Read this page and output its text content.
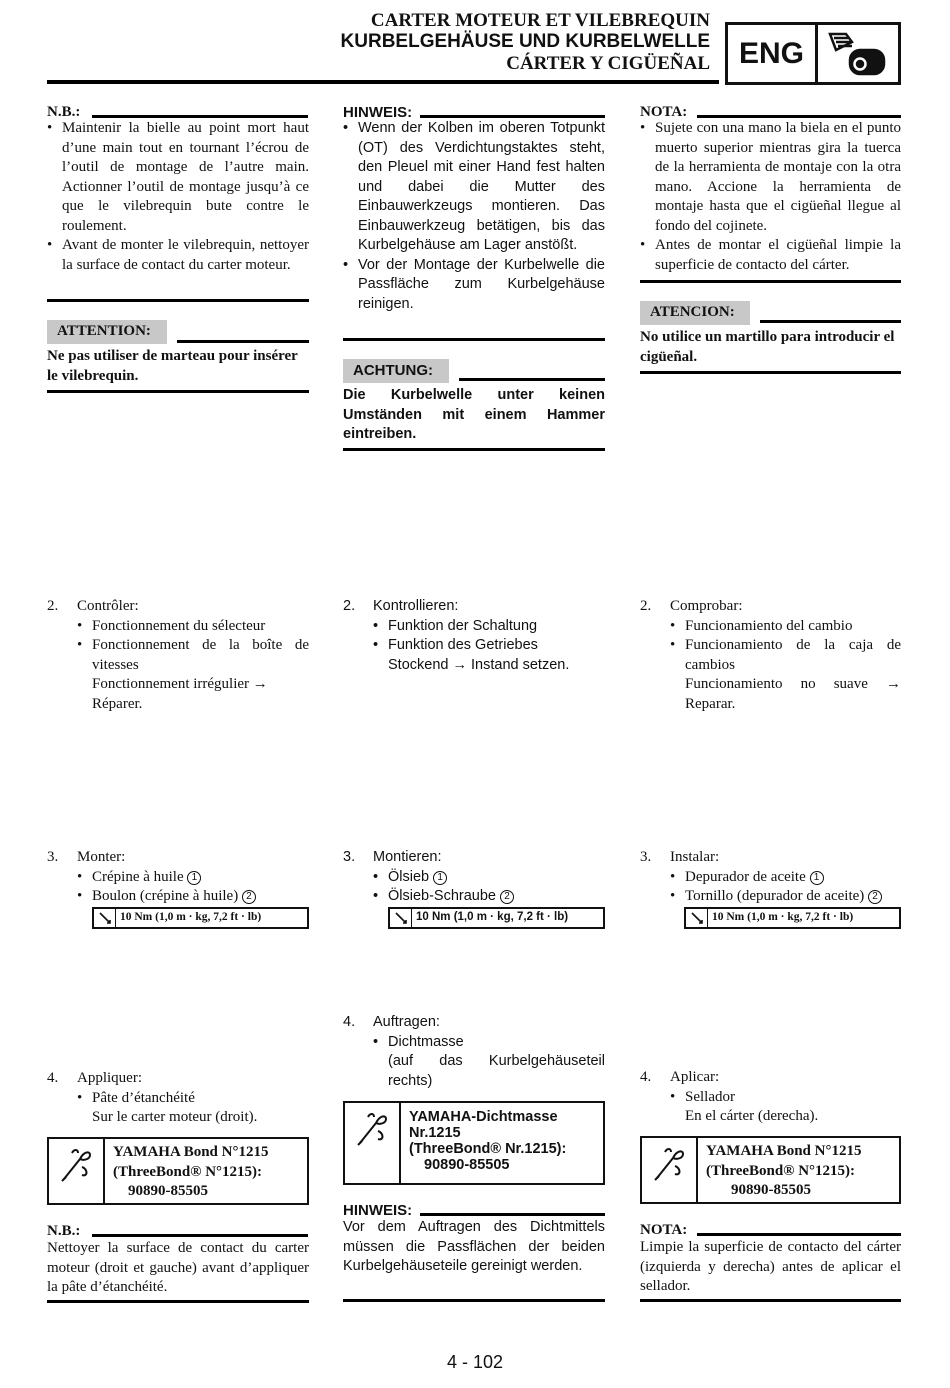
CARTER MOTEUR ET VILEBREQUIN
KURBELGEHÄUSE UND KURBELWELLE
CÁRTER Y CIGÜEÑAL ENG
N.B.:
• Maintenir la bielle au point mort haut d’une main tout en tournant l’écrou de l’outil de montage de l’autre main. Actionner l’outil de montage jusqu’à ce que le vilebrequin bute contre le roulement.
• Avant de monter le vilebrequin, nettoyer la surface de contact du carter moteur.
ATTENTION:
Ne pas utiliser de marteau pour insérer le vilebrequin.
2. Contrôler:
• Fonctionnement du sélecteur
• Fonctionnement de la boîte de vitesses
Fonctionnement irrégulier → Réparer.
3. Monter:
• Crépine à huile 1
• Boulon (crépine à huile) 2
10 Nm (1,0 m · kg, 7,2 ft · lb)
4. Appliquer:
• Pâte d’étanchéité
Sur le carter moteur (droit).
YAMAHA Bond N°1215
(ThreeBond® N°1215):
90890-85505
N.B.:
Nettoyer la surface de contact du carter moteur (droit et gauche) avant d’appliquer la pâte d’étanchéité.
HINWEIS:
• Wenn der Kolben im oberen Totpunkt (OT) des Verdichtungstaktes steht, den Pleuel mit einer Hand fest halten und dabei die Mutter des Einbauwerkzeugs montieren. Das Einbauwerkzeug betätigen, bis das Kurbelgehäuse am Lager anstößt.
• Vor der Montage der Kurbelwelle die Passfläche zum Kurbelgehäuse reinigen.
ACHTUNG:
Die Kurbelwelle unter keinen Umständen mit einem Hammer eintreiben.
2. Kontrollieren:
• Funktion der Schaltung
• Funktion des Getriebes
Stockend → Instand setzen.
3. Montieren:
• Ölsieb 1
• Ölsieb-Schraube 2
10 Nm (1,0 m · kg, 7,2 ft · lb)
4. Auftragen:
• Dichtmasse
(auf das Kurbelgehäuseteil rechts)
YAMAHA-Dichtmasse
Nr.1215
(ThreeBond® Nr.1215):
90890-85505
HINWEIS:
Vor dem Auftragen des Dichtmittels müssen die Passflächen der beiden Kurbelgehäuseteile gereinigt werden.
NOTA:
• Sujete con una mano la biela en el punto muerto superior mientras gira la tuerca de la herramienta de montaje con la otra mano. Accione la herramienta de montaje hasta que el cigüeñal llegue al fondo del cojinete.
• Antes de montar el cigüeñal limpie la superficie de contacto del cárter.
ATENCION:
No utilice un martillo para introducir el cigüeñal.
2. Comprobar:
• Funcionamiento del cambio
• Funcionamiento de la caja de cambios
Funcionamiento no suave → Reparar.
3. Instalar:
• Depurador de aceite 1
• Tornillo (depurador de aceite) 2
10 Nm (1,0 m · kg, 7,2 ft · lb)
4. Aplicar:
• Sellador
En el cárter (derecha).
YAMAHA Bond N°1215
(ThreeBond® N°1215):
90890-85505
NOTA:
Limpie la superficie de contacto del cárter (izquierda y derecha) antes de aplicar el sellador.
4 - 102
